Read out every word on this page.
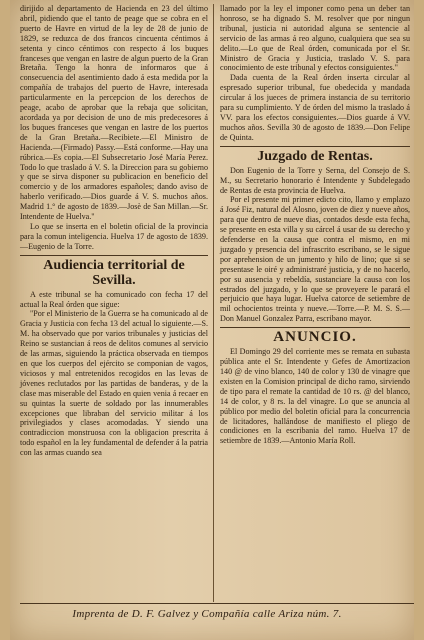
dirijido al departamento de Hacienda en 23 del último abril, pidiendo que el tanto de peage que se cobra en el puerto de Havre en virtud de la ley de 28 de junio de 1829, se reduzca de dos francos cincuenta céntimos á setenta y cinco céntimos con respecto á los buques franceses que vengan en lastre de algun puerto de la Gran Bretaña. Tengo la honra de informaros que á consecuencia del asentimiento dado á esta medida por la compañía de trabajos del puerto de Havre, interesada particularmente en la percepcion de los derechos de peage, acabo de aprobar que la rebaja que solicitan, acordada ya por decision de uno de mis predecesores á los buques franceses que vengan en lastre de los puertos de la Gran Bretaña.—Recibiete.—El Ministro de Hacienda.—(Firmado) Passy.—Está conforme.—Hay una rúbrica.—Es copia.—El Subsecretario José María Perez. Todo lo que traslado á V. S. la Direccion para su gobierno y que se sirva disponer su publicacion en beneficio del comercio y de los armadores españoles; dando aviso de haberlo verificado.—Dios guarde á V. S. muchos años. Madrid 1.° de agosto de 1839.—Josè de San Millan.—Sr. Intendente de Huelva."

Lo que se inserta en el boletin oficial de la provincia para la comun inteligencia. Huelva 17 de agosto de 1839.—Eugenio de la Torre.

Audiencia territorial de Sevilla.

A este tribunal se ha comunicado con fecha 17 del actual la Real órden que sigue:

"Por el Ministerio de la Guerra se ha comunicado al de Gracia y Justicia con fecha 13 del actual lo siguiente.—S. M. ha observado que por varios tribunales y justicias del Reino se sustancian á reos de delitos comunes al servicio de las armas, siguiendo la práctica observada en tiempos en que los cuerpos del ejército se componian de vagos, viciosos y mal entretenidos recogidos en las levas de jóvenes reclutados por las partidas de banderas, y de la clase mas miserable del Estado en quien venia á recaer en su quintas la suerte de soldado por las innumerables excepciones que libraban del servicio militar á los privilegiados y clases acomodadas. Y siendo una contradiccion monstruosa con la obligacion prescrita á todo español en la ley fundamental de defender á la patria con las armas cuando sea

llamado por la ley el imponer como pena un deber tan honroso, se ha dignado S. M. resolver que por ningun tribunal, justicia ni autoridad alguna se sentencie al servicio de las armas á reo alguno, cualquiera que sea su delito.—Lo que de Real órden, comunicada por el Sr. Ministro de Gracia y Justicia, traslado V. S. para conocimiento de este tribunal y efectos consiguientes."

Dada cuenta de la Real órden inserta circular al espresado superior tribunal, fue obedecida y mandada circular á los jueces de primera instancia de su territorio para su cumplimiento. Y de órden del mismo la traslado á VV. para los efectos consiguientes.—Dios guarde á VV. muchos años. Sevilla 30 de agosto de 1839.—Don Felipe de Quinta.

Juzgado de Rentas.

Don Eugenio de la Torre y Serna, del Consejo de S. M., su Secretario honorario é Intendente y Subdelegado de Rentas de esta provincia de Huelva.

Por el presente mi primer edicto cito, llamo y emplazo á José Fiz, natural del Alosno, joven de diez y nueve años, para que dentro de nueve dias, contados desde esta fecha, se presente en esta villa y su cárcel á usar de su derecho y defenderse en la causa que contra el mismo, en mi juzgado y presencia del infrascrito escribano, se le sigue por aprehension de un jumento y hilo de lino; que si se presentase le oiré y administraré justicia, y de no hacerlo, por su ausencia y rebeldía, sustanciare la causa con los estrados del juzgado, y lo que se proveyere le parará el perjuicio que haya lugar. Huelva catorce de setiembre de mil ochocientos treinta y nueve.—Torre.—P. M. S. S.—Don Manuel Gonzalez Parra, escribano mayor.

ANUNCIO.

El Domingo 29 del corriente mes se remata en subasta pública ante el Sr. Intendente y Gefes de Amortizacion 140 @ de vino blanco, 140 de color y 130 de vinagre que existen en la Comision principal de dicho ramo, sirviendo de tipo para el remate la cantidad de 10 rs. @ del blanco, 14 de color, y 8 rs. la del vinagre. Lo que se anuncia al público por medio del boletin oficial para la concurrencia de licitadores, hallándose de manifiesto el pliego de condiciones en la escribania del ramo. Huelva 17 de setiembre de 1839.—Antonio María Roll.

Imprenta de D. F. Galvez y Compañía calle Ariza núm. 7.
